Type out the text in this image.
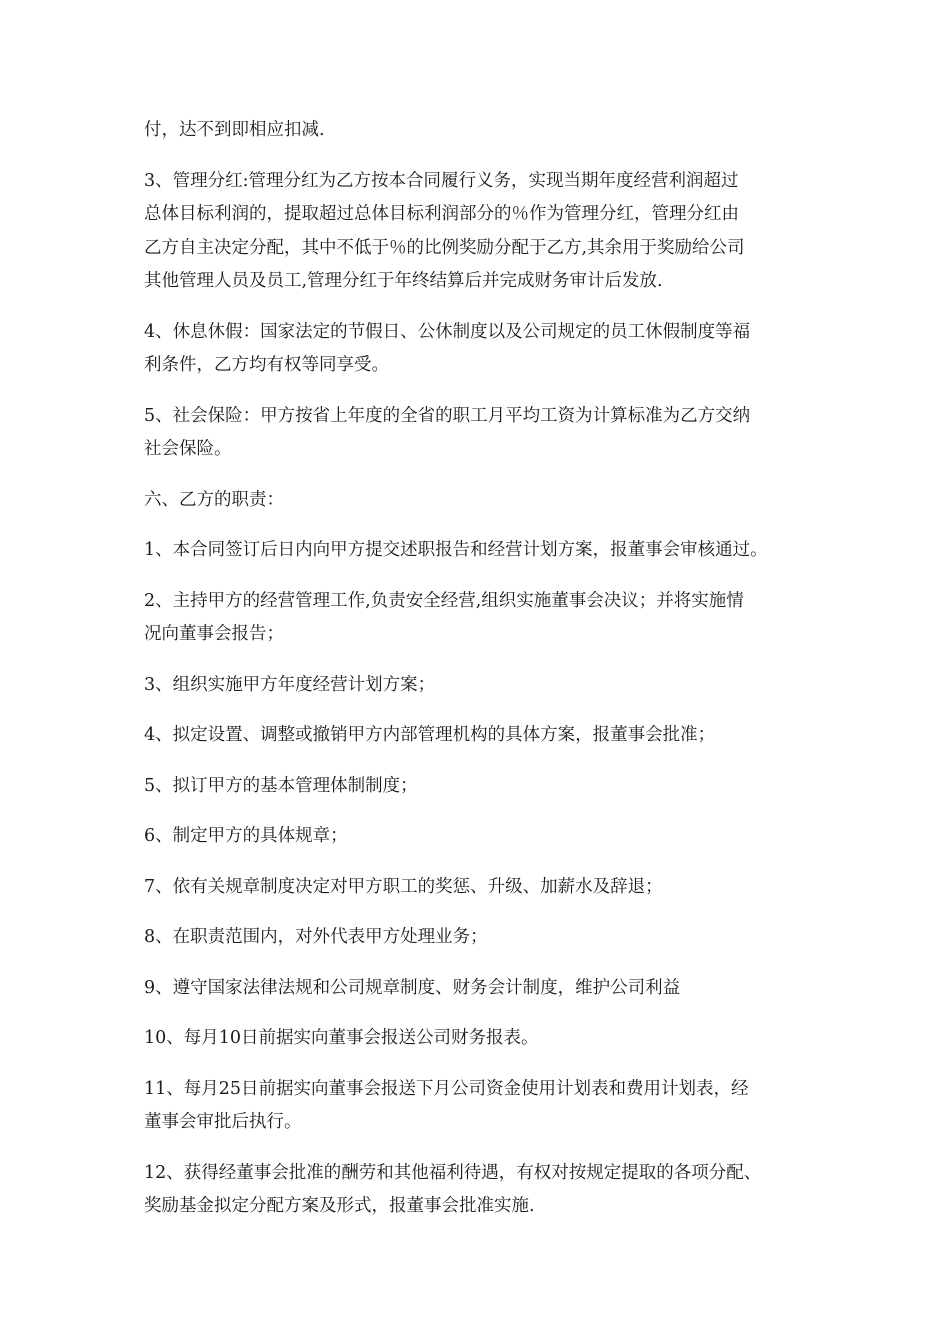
付，达不到即相应扣减.

3、管理分红:管理分红为乙方按本合同履行义务，实现当期年度经营利润超过
总体目标利润的，提取超过总体目标利润部分的％作为管理分红，管理分红由
乙方自主决定分配，其中不低于％的比例奖励分配于乙方,其余用于奖励给公司
其他管理人员及员工,管理分红于年终结算后并完成财务审计后发放.

4、休息休假：国家法定的节假日、公休制度以及公司规定的员工休假制度等福
利条件，乙方均有权等同享受。

5、社会保险：甲方按省上年度的全省的职工月平均工资为计算标准为乙方交纳
社会保险。

六、乙方的职责：

1、本合同签订后日内向甲方提交述职报告和经营计划方案，报董事会审核通过。

2、主持甲方的经营管理工作,负责安全经营,组织实施董事会决议；并将实施情
况向董事会报告；

3、组织实施甲方年度经营计划方案；

4、拟定设置、调整或撤销甲方内部管理机构的具体方案，报董事会批准；

5、拟订甲方的基本管理体制制度；

6、制定甲方的具体规章；

7、依有关规章制度决定对甲方职工的奖惩、升级、加薪水及辞退；

8、在职责范围内，对外代表甲方处理业务；

9、遵守国家法律法规和公司规章制度、财务会计制度，维护公司利益

10、每月10日前据实向董事会报送公司财务报表。

11、每月25日前据实向董事会报送下月公司资金使用计划表和费用计划表，经
董事会审批后执行。

12、获得经董事会批准的酬劳和其他福利待遇，有权对按规定提取的各项分配、
奖励基金拟定分配方案及形式，报董事会批准实施.
